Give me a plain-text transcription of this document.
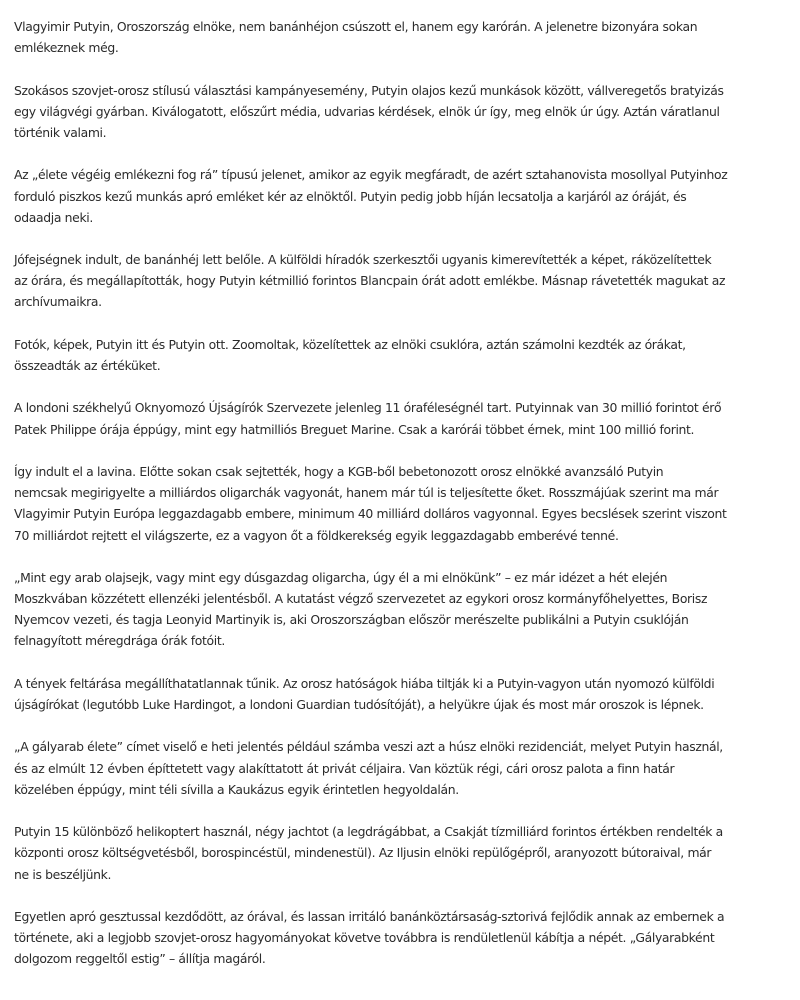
Vlagyimir Putyin, Oroszország elnöke, nem banánhéjon csúszott el, hanem egy karórán. A jelenetre bizonyára sokan
emlékeznek még.

Szokásos szovjet-orosz stílusú választási kampányesemény, Putyin olajos kezű munkások között, vállveregetős bratyizás
egy világvégi gyárban. Kiválogatott, előszűrt média, udvarias kérdések, elnök úr így, meg elnök úr úgy. Aztán váratlanul
történik valami.

Az „élete végéig emlékezni fog rá” típusú jelenet, amikor az egyik megfáradt, de azért sztahanovista mosollyal Putyinhoz
forduló piszkos kezű munkás apró emléket kér az elnöktől. Putyin pedig jobb híján lecsatolja a karjáról az óráját, és
odaadja neki.

Jófejségnek indult, de banánhéj lett belőle. A külföldi híradók szerkesztői ugyanis kimerevítették a képet, ráközelítettek
az órára, és megállapították, hogy Putyin kétmillió forintos Blancpain órát adott emlékbe. Másnap rávetették magukat az
archívumaikra.

Fotók, képek, Putyin itt és Putyin ott. Zoomoltak, közelítettek az elnöki csuklóra, aztán számolni kezdték az órákat,
összeadták az értéküket.

A londoni székhelyű Oknyomozó Újságírók Szervezete jelenleg 11 óraféleségnél tart. Putyinnak van 30 millió forintot érő
Patek Philippe órája éppúgy, mint egy hatmilliós Breguet Marine. Csak a karórái többet érnek, mint 100 millió forint.

Így indult el a lavina. Előtte sokan csak sejtették, hogy a KGB-ből bebetonozott orosz elnökké avanzsáló Putyin
nemcsak megirigyelte a milliárdos oligarchák vagyonát, hanem már túl is teljesítette őket. Rosszmájúak szerint ma már
Vlagyimir Putyin Európa leggazdagabb embere, minimum 40 milliárd dolláros vagyonnal. Egyes becslések szerint viszont
70 milliárdot rejtett el világszerte, ez a vagyon őt a földkerekség egyik leggazdagabb emberévé tenné.

„Mint egy arab olajsejk, vagy mint egy dúsgazdag oligarcha, úgy él a mi elnökünk” – ez már idézet a hét elején
Moszkvában közzétett ellenzéki jelentésből. A kutatást végző szervezetet az egykori orosz kormányfőhelyettes, Borisz
Nyemcov vezeti, és tagja Leonyid Martinyik is, aki Oroszországban először merészelte publikálni a Putyin csuklóján
felnagyított méregdrága órák fotóit.

A tények feltárása megállíthatatlannak tűnik. Az orosz hatóságok hiába tiltják ki a Putyin-vagyon után nyomozó külföldi
újságírókat (legutóbb Luke Hardingot, a londoni Guardian tudósítóját), a helyükre újak és most már oroszok is lépnek.

„A gályarab élete” címet viselő e heti jelentés például számba veszi azt a húsz elnöki rezidenciát, melyet Putyin használ,
és az elmúlt 12 évben építtetett vagy alakíttatott át privát céljaira. Van köztük régi, cári orosz palota a finn határ
közelében éppúgy, mint téli sívilla a Kaukázus egyik érintetlen hegyoldalán.

Putyin 15 különböző helikoptert használ, négy jachtot (a legdrágábbat, a Csakját tízmilliárd forintos értékben rendelték a
központi orosz költségvetésből, borospincéstül, mindenestül). Az Iljusin elnöki repülőgépről, aranyozott bútoraival, már
ne is beszéljünk.

Egyetlen apró gesztussal kezdődött, az órával, és lassan irritáló banánköztársaság-sztorivá fejlődik annak az embernek a
története, aki a legjobb szovjet-orosz hagyományokat követve továbbra is rendületlenül kábítja a népét. „Gályarabként
dolgozom reggeltől estig” – állítja magáról.
